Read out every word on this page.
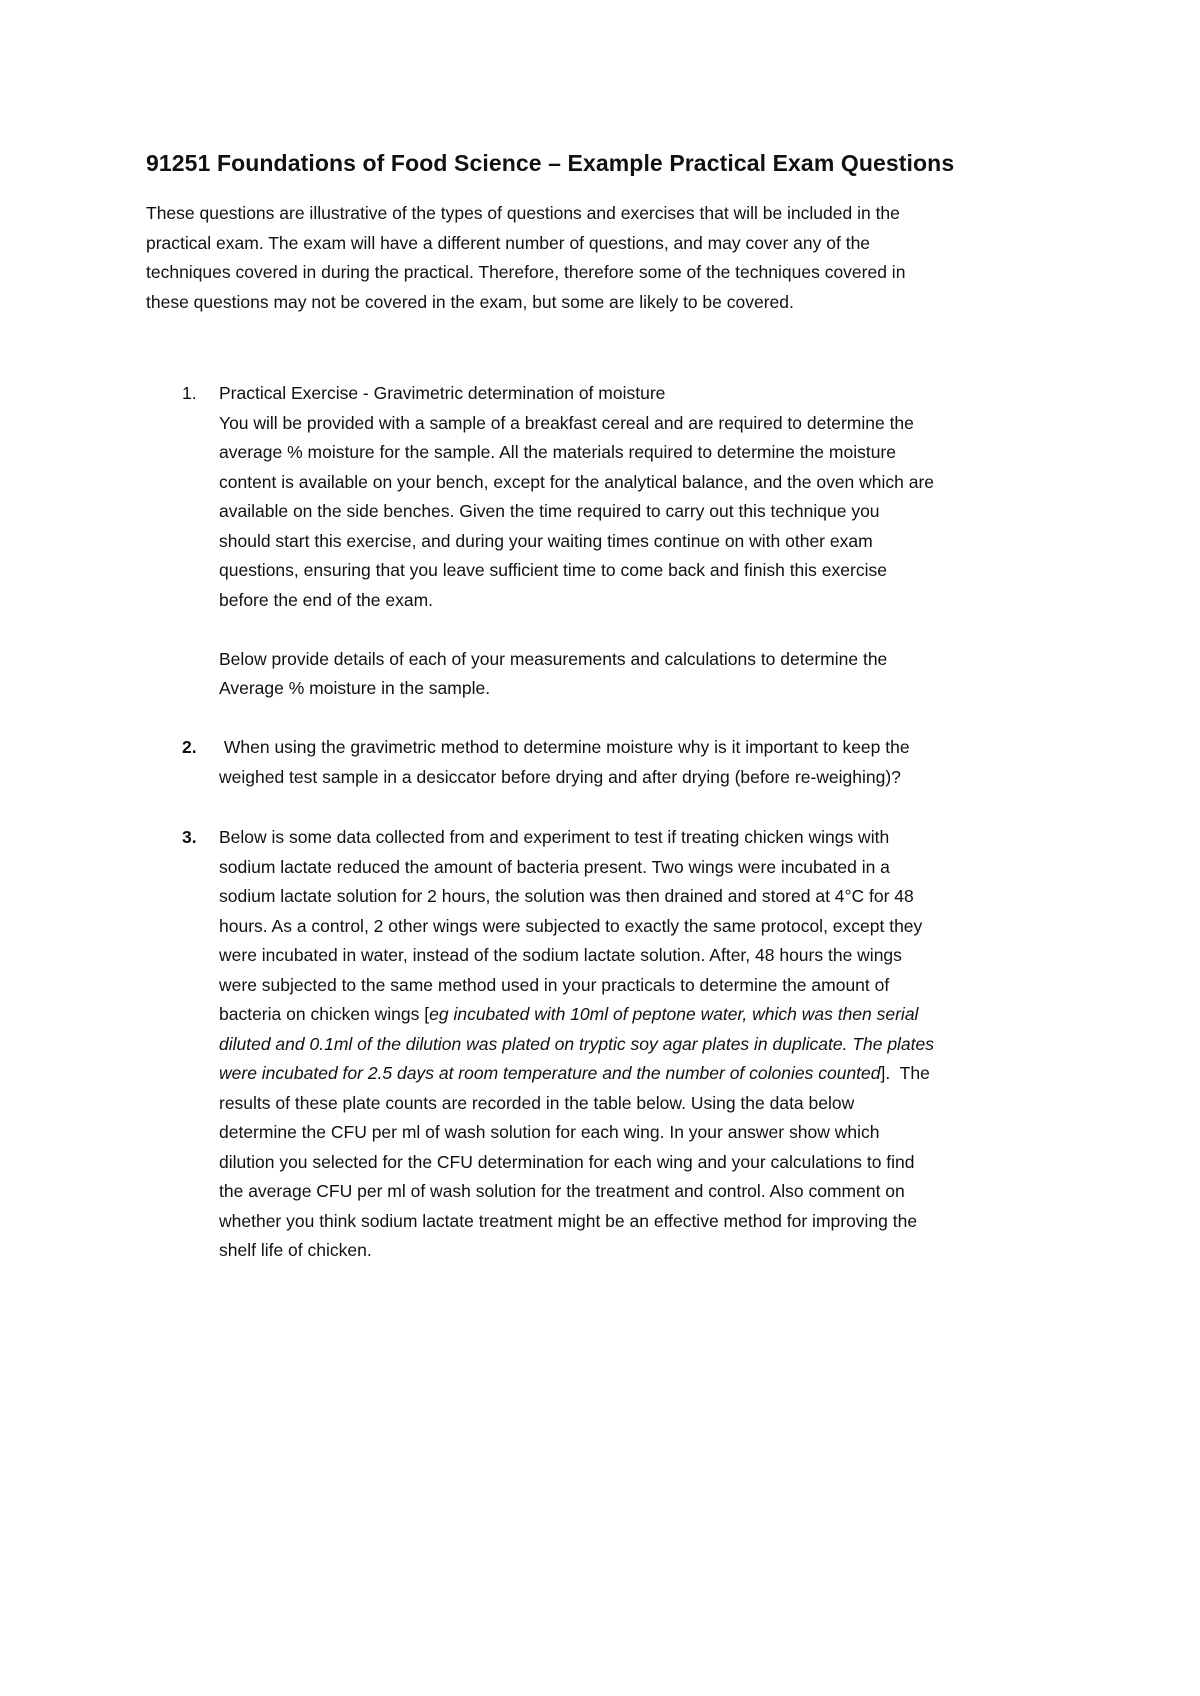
91251 Foundations of Food Science – Example Practical Exam Questions
These questions are illustrative of the types of questions and exercises that will be included in the
practical exam. The exam will have a different number of questions, and may cover any of the
techniques covered in during the practical. Therefore, therefore some of the techniques covered in
these questions may not be covered in the exam, but some are likely to be covered.
1. Practical Exercise - Gravimetric determination of moisture
You will be provided with a sample of a breakfast cereal and are required to determine the
average % moisture for the sample. All the materials required to determine the moisture
content is available on your bench, except for the analytical balance, and the oven which are
available on the side benches. Given the time required to carry out this technique you
should start this exercise, and during your waiting times continue on with other exam
questions, ensuring that you leave sufficient time to come back and finish this exercise
before the end of the exam.
Below provide details of each of your measurements and calculations to determine the
Average % moisture in the sample.
2. When using the gravimetric method to determine moisture why is it important to keep the
weighed test sample in a desiccator before drying and after drying (before re-weighing)?
3. Below is some data collected from and experiment to test if treating chicken wings with
sodium lactate reduced the amount of bacteria present. Two wings were incubated in a
sodium lactate solution for 2 hours, the solution was then drained and stored at 4°C for 48
hours. As a control, 2 other wings were subjected to exactly the same protocol, except they
were incubated in water, instead of the sodium lactate solution. After, 48 hours the wings
were subjected to the same method used in your practicals to determine the amount of
bacteria on chicken wings [eg incubated with 10ml of peptone water, which was then serial
diluted and 0.1ml of the dilution was plated on tryptic soy agar plates in duplicate. The plates
were incubated for 2.5 days at room temperature and the number of colonies counted].  The
results of these plate counts are recorded in the table below. Using the data below
determine the CFU per ml of wash solution for each wing. In your answer show which
dilution you selected for the CFU determination for each wing and your calculations to find
the average CFU per ml of wash solution for the treatment and control. Also comment on
whether you think sodium lactate treatment might be an effective method for improving the
shelf life of chicken.
